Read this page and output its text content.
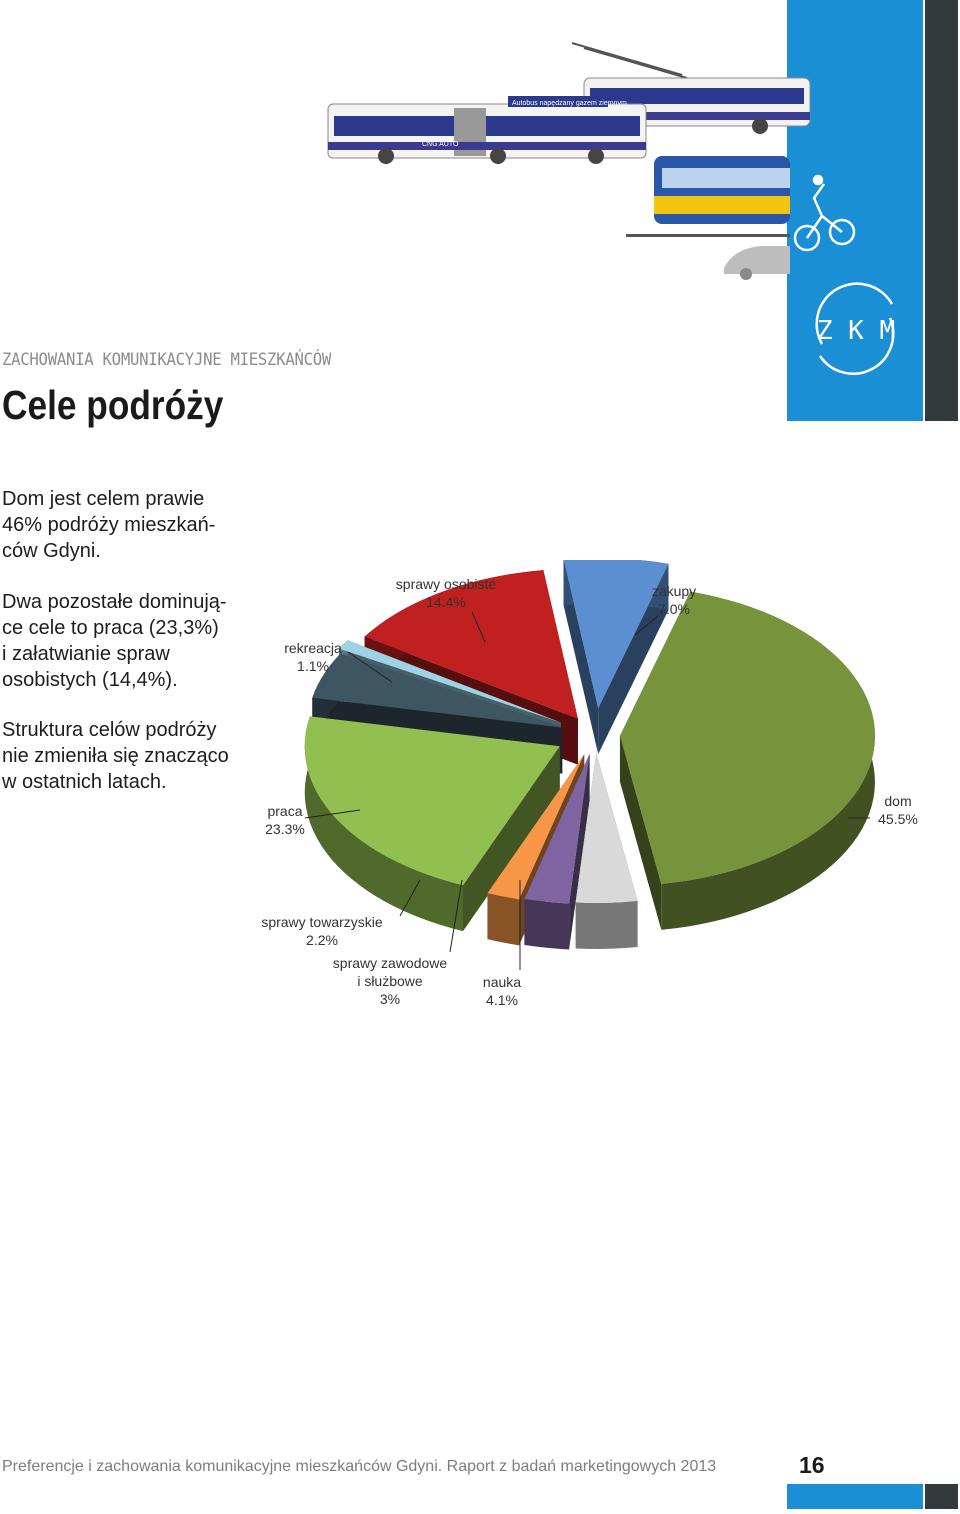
Autobus napędzany gazem ziemnym
CNG AUTO
Z K M
ZACHOWANIA KOMUNIKACYJNE MIESZKAŃCÓW
Cele podróży
Dom jest celem prawie
46% podróży mieszkań-
ców Gdyni.
Dwa pozostałe dominują-
ce cele to praca (23,3%)
i załatwianie spraw
osobistych (14,4%).
Struktura celów podróży
nie zmieniła się znacząco
w ostatnich latach.
dom
45.5%
nauka
4.1%
sprawy zawodowe
i służbowe
3%
sprawy towarzyskie
2.2%
praca
23.3%
rekreacja
1.1%
sprawy osobiste
14.4%
zakupy
7.0%
Preferencje i zachowania komunikacyjne mieszkańców Gdyni. Raport z badań marketingowych 2013	16
